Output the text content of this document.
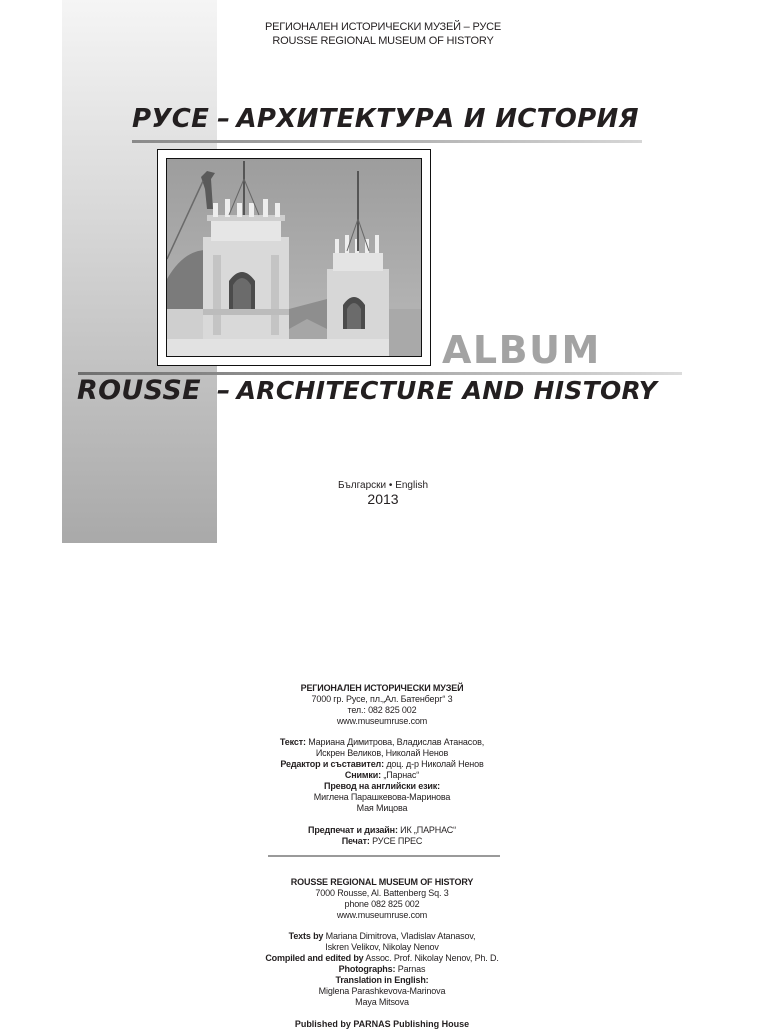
РЕГИОНАЛЕН ИСТОРИЧЕСКИ МУЗЕЙ – РУСЕ
ROUSSE REGIONAL MUSEUM OF HISTORY
РУСЕ – АРХИТЕКТУРА И ИСТОРИЯ
ALBUM
ROUSSE – ARCHITECTURE AND HISTORY
Български • English
2013
РЕГИОНАЛЕН ИСТОРИЧЕСКИ МУЗЕЙ
7000 гр. Русе, пл.„Ал. Батенберг“ 3
тел.: 082 825 002
www.museumruse.com
Текст: Мариана Димитрова, Владислав Атанасов,
Искрен Великов, Николай Ненов
Редактор и съставител: доц. д-р Николай Ненов
Снимки: „Парнас“
Превод на английски език:
Миглена Парашкевова-Маринова
Мая Мицова
Предпечат и дизайн: ИК „ПАРНАС“
Печат: РУСЕ ПРЕС
ROUSSE REGIONAL MUSEUM OF HISTORY
7000 Rousse, Al. Battenberg Sq. 3
phone 082 825 002
www.museumruse.com
Texts by Mariana Dimitrova, Vladislav Atanasov,
Iskren Velikov, Nikolay Nenov
Compiled and edited by Assoc. Prof. Nikolay Nenov, Ph. D.
Photographs: Parnas
Translation in English:
Miglena Parashkevova-Marinova
Maya Mitsova
Published by PARNAS Publishing House
